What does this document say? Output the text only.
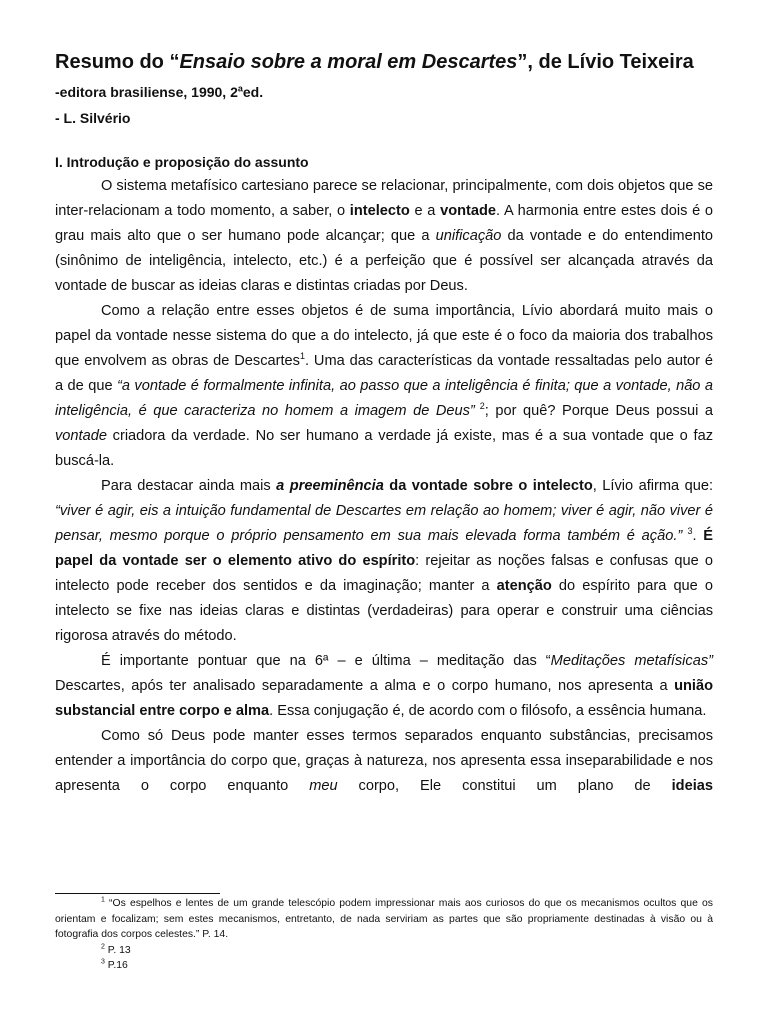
Resumo do “Ensaio sobre a moral em Descartes”, de Lívio Teixeira

-editora brasiliense, 1990, 2$^a$ed.

- L. Silvério

I. Introdução e proposição do assunto

O sistema metafísico cartesiano parece se relacionar, principalmente, com dois objetos que se inter-relacionam a todo momento, a saber, o intelecto e a vontade. A harmonia entre estes dois é o grau mais alto que o ser humano pode alcançar; que a unificação da vontade e do entendimento (sinônimo de inteligência, intelecto, etc.) é a perfeição que é possível ser alcançada através da vontade de buscar as ideias claras e distintas criadas por Deus.

Como a relação entre esses objetos é de suma importância, Lívio abordará muito mais o papel da vontade nesse sistema do que a do intelecto, já que este é o foco da maioria dos trabalhos que envolvem as obras de Descartes$^1$. Uma das características da vontade ressaltadas pelo autor é a de que “a vontade é formalmente infinita, ao passo que a inteligência é finita; que a vontade, não a inteligência, é que caracteriza no homem a imagem de Deus” $^2$; por quê? Porque Deus possui a vontade criadora da verdade. No ser humano a verdade já existe, mas é a sua vontade que o faz buscá-la.

Para destacar ainda mais a preeminência da vontade sobre o intelecto, Lívio afirma que: “viver é agir, eis a intuição fundamental de Descartes em relação ao homem; viver é agir, não viver é pensar, mesmo porque o próprio pensamento em sua mais elevada forma também é ação.” $^3$. É papel da vontade ser o elemento ativo do espírito: rejeitar as noções falsas e confusas que o intelecto pode receber dos sentidos e da imaginação; manter a atenção do espírito para que o intelecto se fixe nas ideias claras e distintas (verdadeiras) para operar e construir uma ciências rigorosa através do método.

É importante pontuar que na 6ª – e última – meditação das “Meditações metafísicas” Descartes, após ter analisado separadamente a alma e o corpo humano, nos apresenta a união substancial entre corpo e alma. Essa conjugação é, de acordo com o filósofo, a essência humana.

Como só Deus pode manter esses termos separados enquanto substâncias, precisamos entender a importância do corpo que, graças à natureza, nos apresenta essa inseparabilidade e nos apresenta o corpo enquanto meu corpo, Ele constitui um plano de ideias

$^1$ “Os espelhos e lentes de um grande telescópio podem impressionar mais aos curiosos do que os mecanismos ocultos que os orientam e focalizam; sem estes mecanismos, entretanto, de nada serviriam as partes que são propriamente destinadas à visão ou à fotografia dos corpos celestes.” P. 14.

$^2$ P. 13

$^3$ P.16
